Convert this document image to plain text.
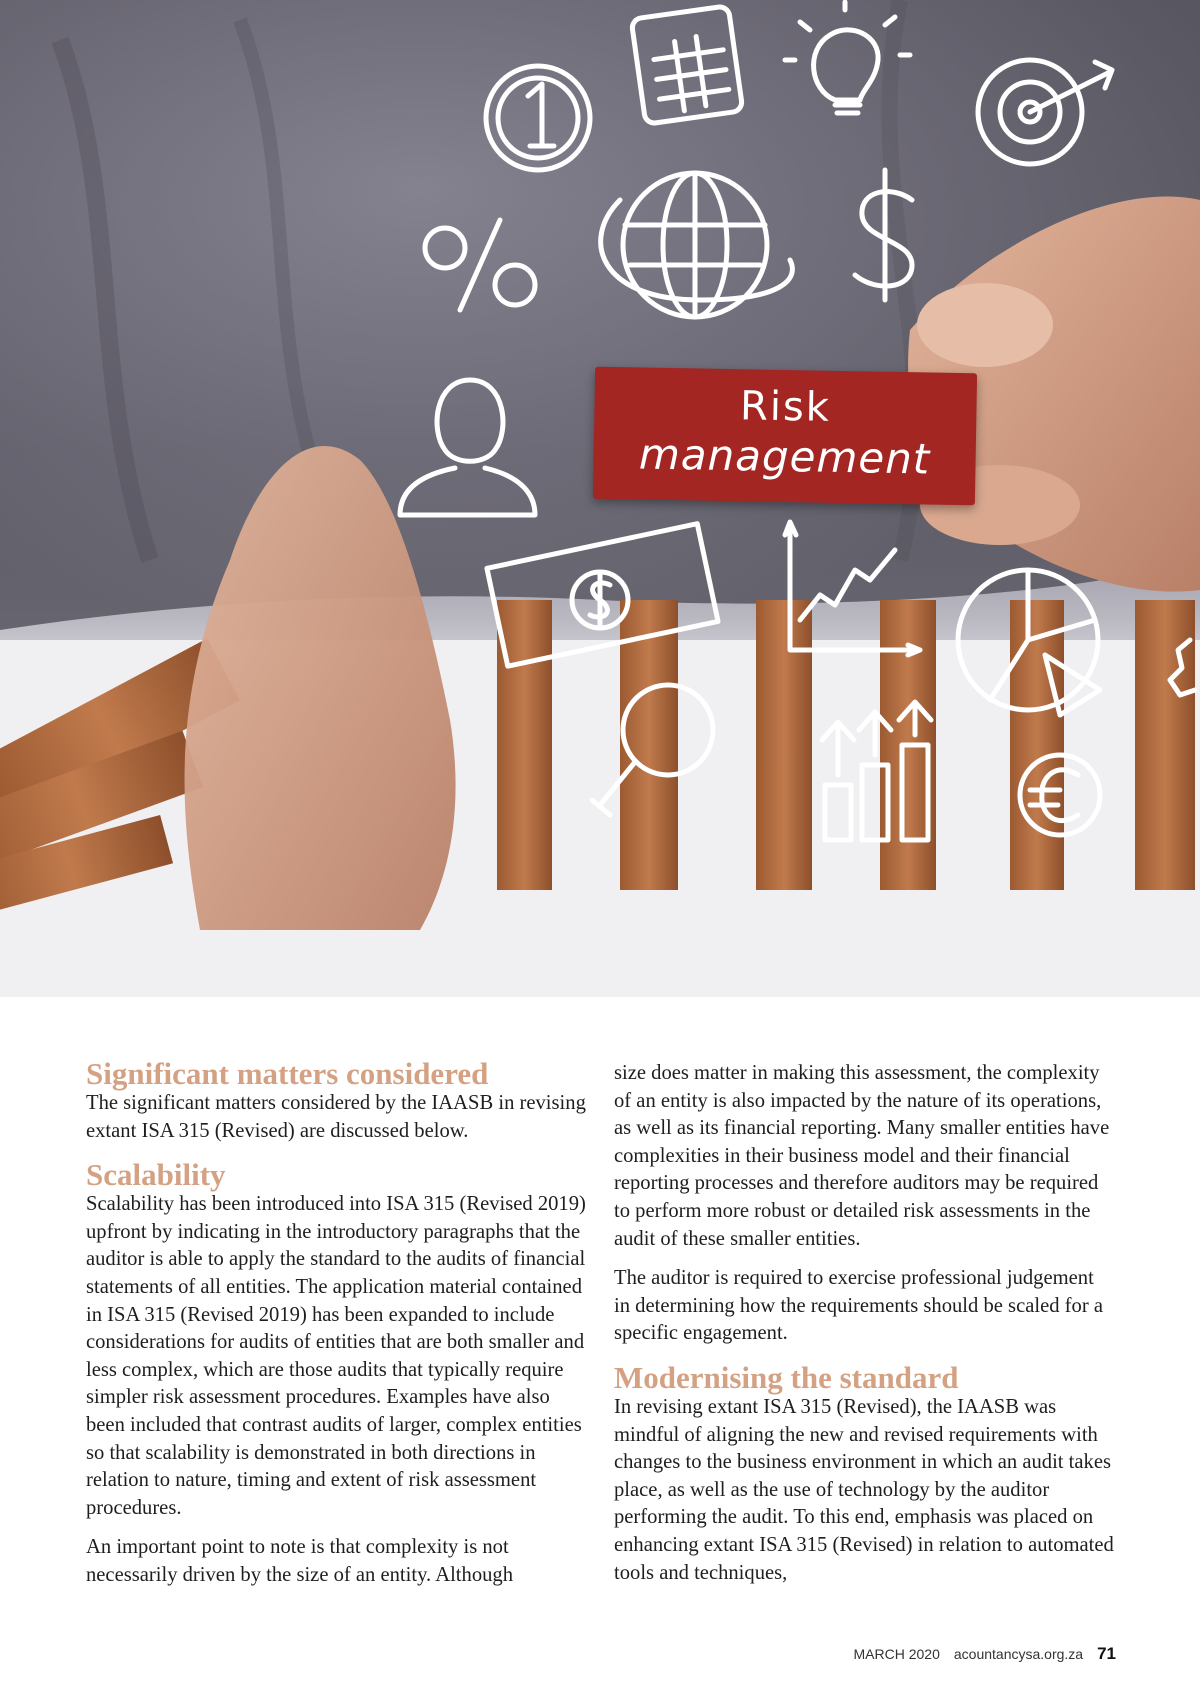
Risk
management
Significant matters considered

The significant matters considered by the IAASB in revising extant ISA 315 (Revised) are discussed below.

Scalability

Scalability has been introduced into ISA 315 (Revised 2019) upfront by indicating in the introductory paragraphs that the auditor is able to apply the standard to the audits of financial statements of all entities. The application material contained in ISA 315 (Revised 2019) has been expanded to include considerations for audits of entities that are both smaller and less complex, which are those audits that typically require simpler risk assessment procedures. Examples have also been included that contrast audits of larger, complex entities so that scalability is demonstrated in both directions in relation to nature, timing and extent of risk assessment procedures.

An important point to note is that complexity is not necessarily driven by the size of an entity. Although

size does matter in making this assessment, the complexity of an entity is also impacted by the nature of its operations, as well as its financial reporting. Many smaller entities have complexities in their business model and their financial reporting processes and therefore auditors may be required to perform more robust or detailed risk assessments in the audit of these smaller entities.

The auditor is required to exercise professional judgement in determining how the requirements should be scaled for a specific engagement.

Modernising the standard

In revising extant ISA 315 (Revised), the IAASB was mindful of aligning the new and revised requirements with changes to the business environment in which an audit takes place, as well as the use of technology by the auditor performing the audit. To this end, emphasis was placed on enhancing extant ISA 315 (Revised) in relation to automated tools and techniques,

MARCH 2020 acountancysa.org.za 71
